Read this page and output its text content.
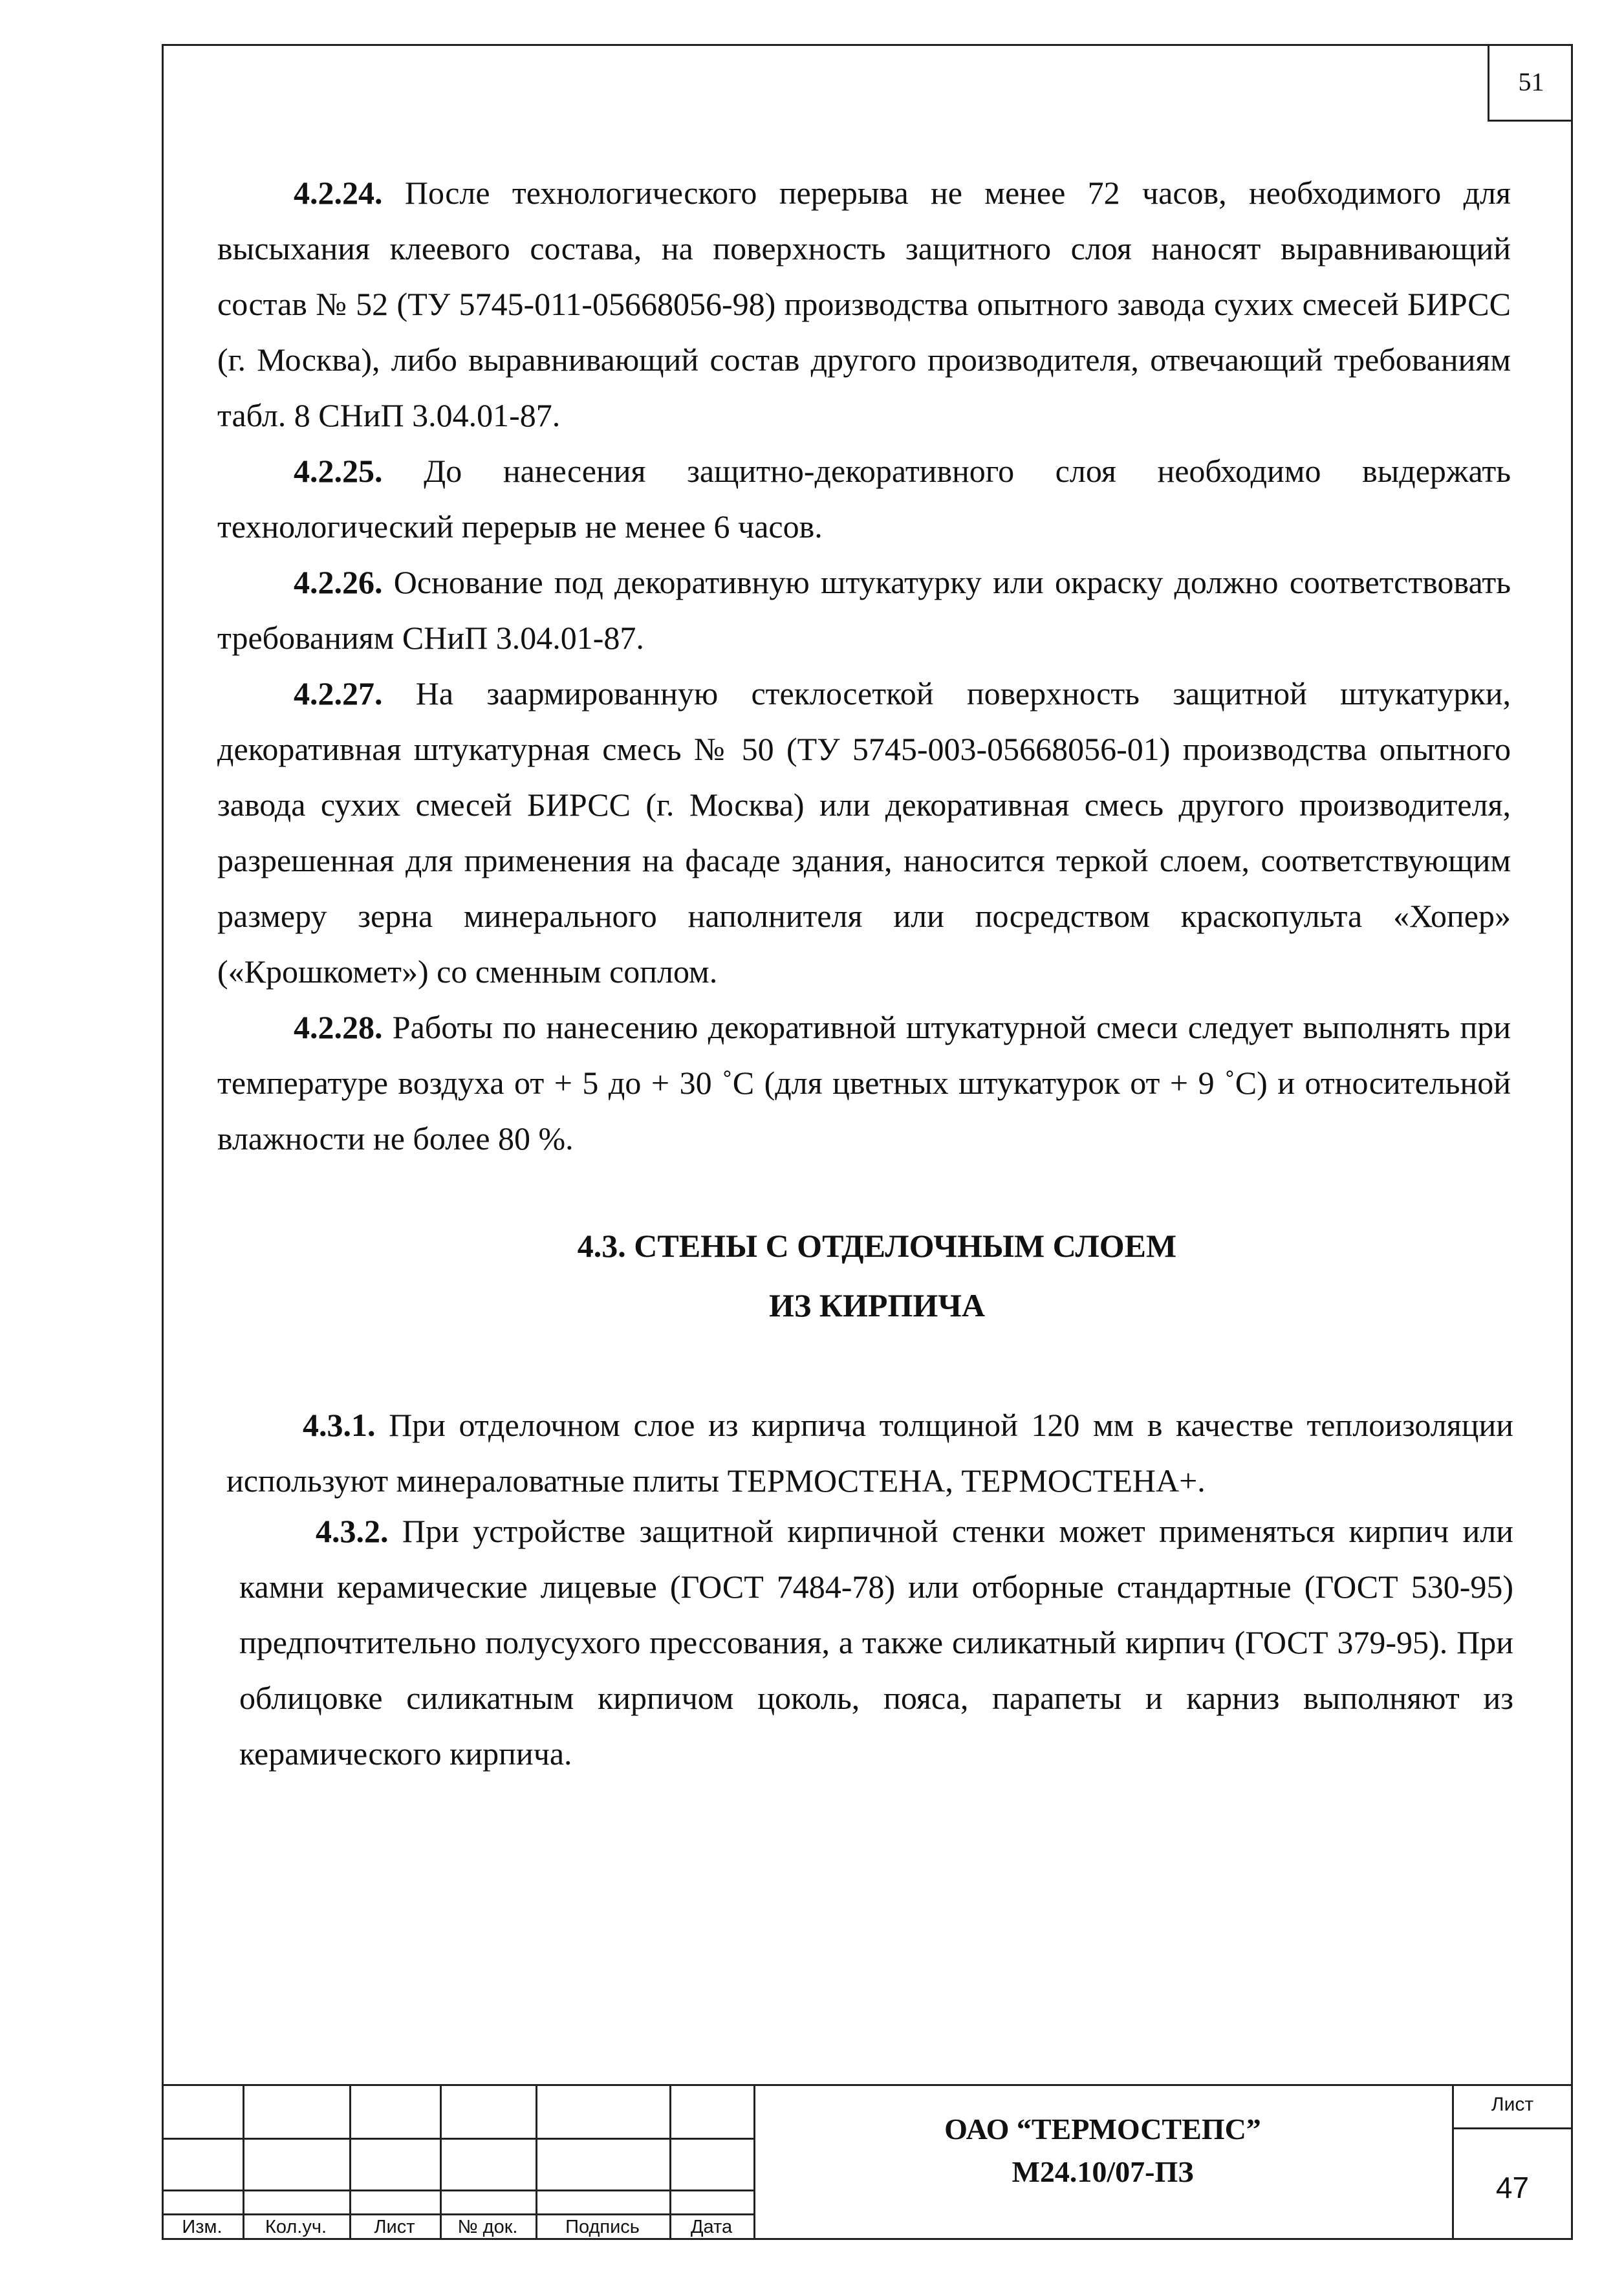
51

4.2.24. После технологического перерыва не менее 72 часов, необходимого для высыхания клеевого состава, на поверхность защитного слоя наносят выравнивающий состав № 52 (ТУ 5745-011-05668056-98) производства опытного завода сухих смесей БИРСС (г. Москва), либо выравнивающий состав другого производителя, отвечающий требованиям табл. 8 СНиП 3.04.01-87.

4.2.25. До нанесения защитно-декоративного слоя необходимо выдержать технологический перерыв не менее 6 часов.

4.2.26. Основание под декоративную штукатурку или окраску должно соответствовать требованиям СНиП 3.04.01-87.

4.2.27. На заармированную стеклосеткой поверхность защитной штукатурки, декоративная штукатурная смесь № 50 (ТУ 5745-003-05668056-01) производства опытного завода сухих смесей БИРСС (г. Москва) или декоративная смесь другого производителя, разрешенная для применения на фасаде здания, наносится теркой слоем, соответствующим размеру зерна минерального наполнителя или посредством краскопульта «Хопер» («Крошкомет») со сменным соплом.

4.2.28. Работы по нанесению декоративной штукатурной смеси следует выполнять при температуре воздуха от + 5 до + 30 ˚С (для цветных штукатурок от + 9 ˚С) и относительной влажности не более 80 %.

4.3. СТЕНЫ С ОТДЕЛОЧНЫМ СЛОЕМ
ИЗ КИРПИЧА

4.3.1. При отделочном слое из кирпича толщиной 120 мм в качестве теплоизоляции используют минераловатные плиты ТЕРМОСТЕНА, ТЕРМОСТЕНА+.

4.3.2. При устройстве защитной кирпичной стенки может применяться кирпич или камни керамические лицевые (ГОСТ 7484-78) или отборные стандартные (ГОСТ 530-95) предпочтительно полусухого прессования, а также силикатный кирпич (ГОСТ 379-95). При облицовке силикатным кирпичом цоколь, пояса, парапеты и карниз выполняют из керамического кирпича.

Изм.	Кол.уч.	Лист	№ док.	Подпись	Дата
ОАО “ТЕРМОСТЕПС”
М24.10/07-ПЗ
Лист
47
